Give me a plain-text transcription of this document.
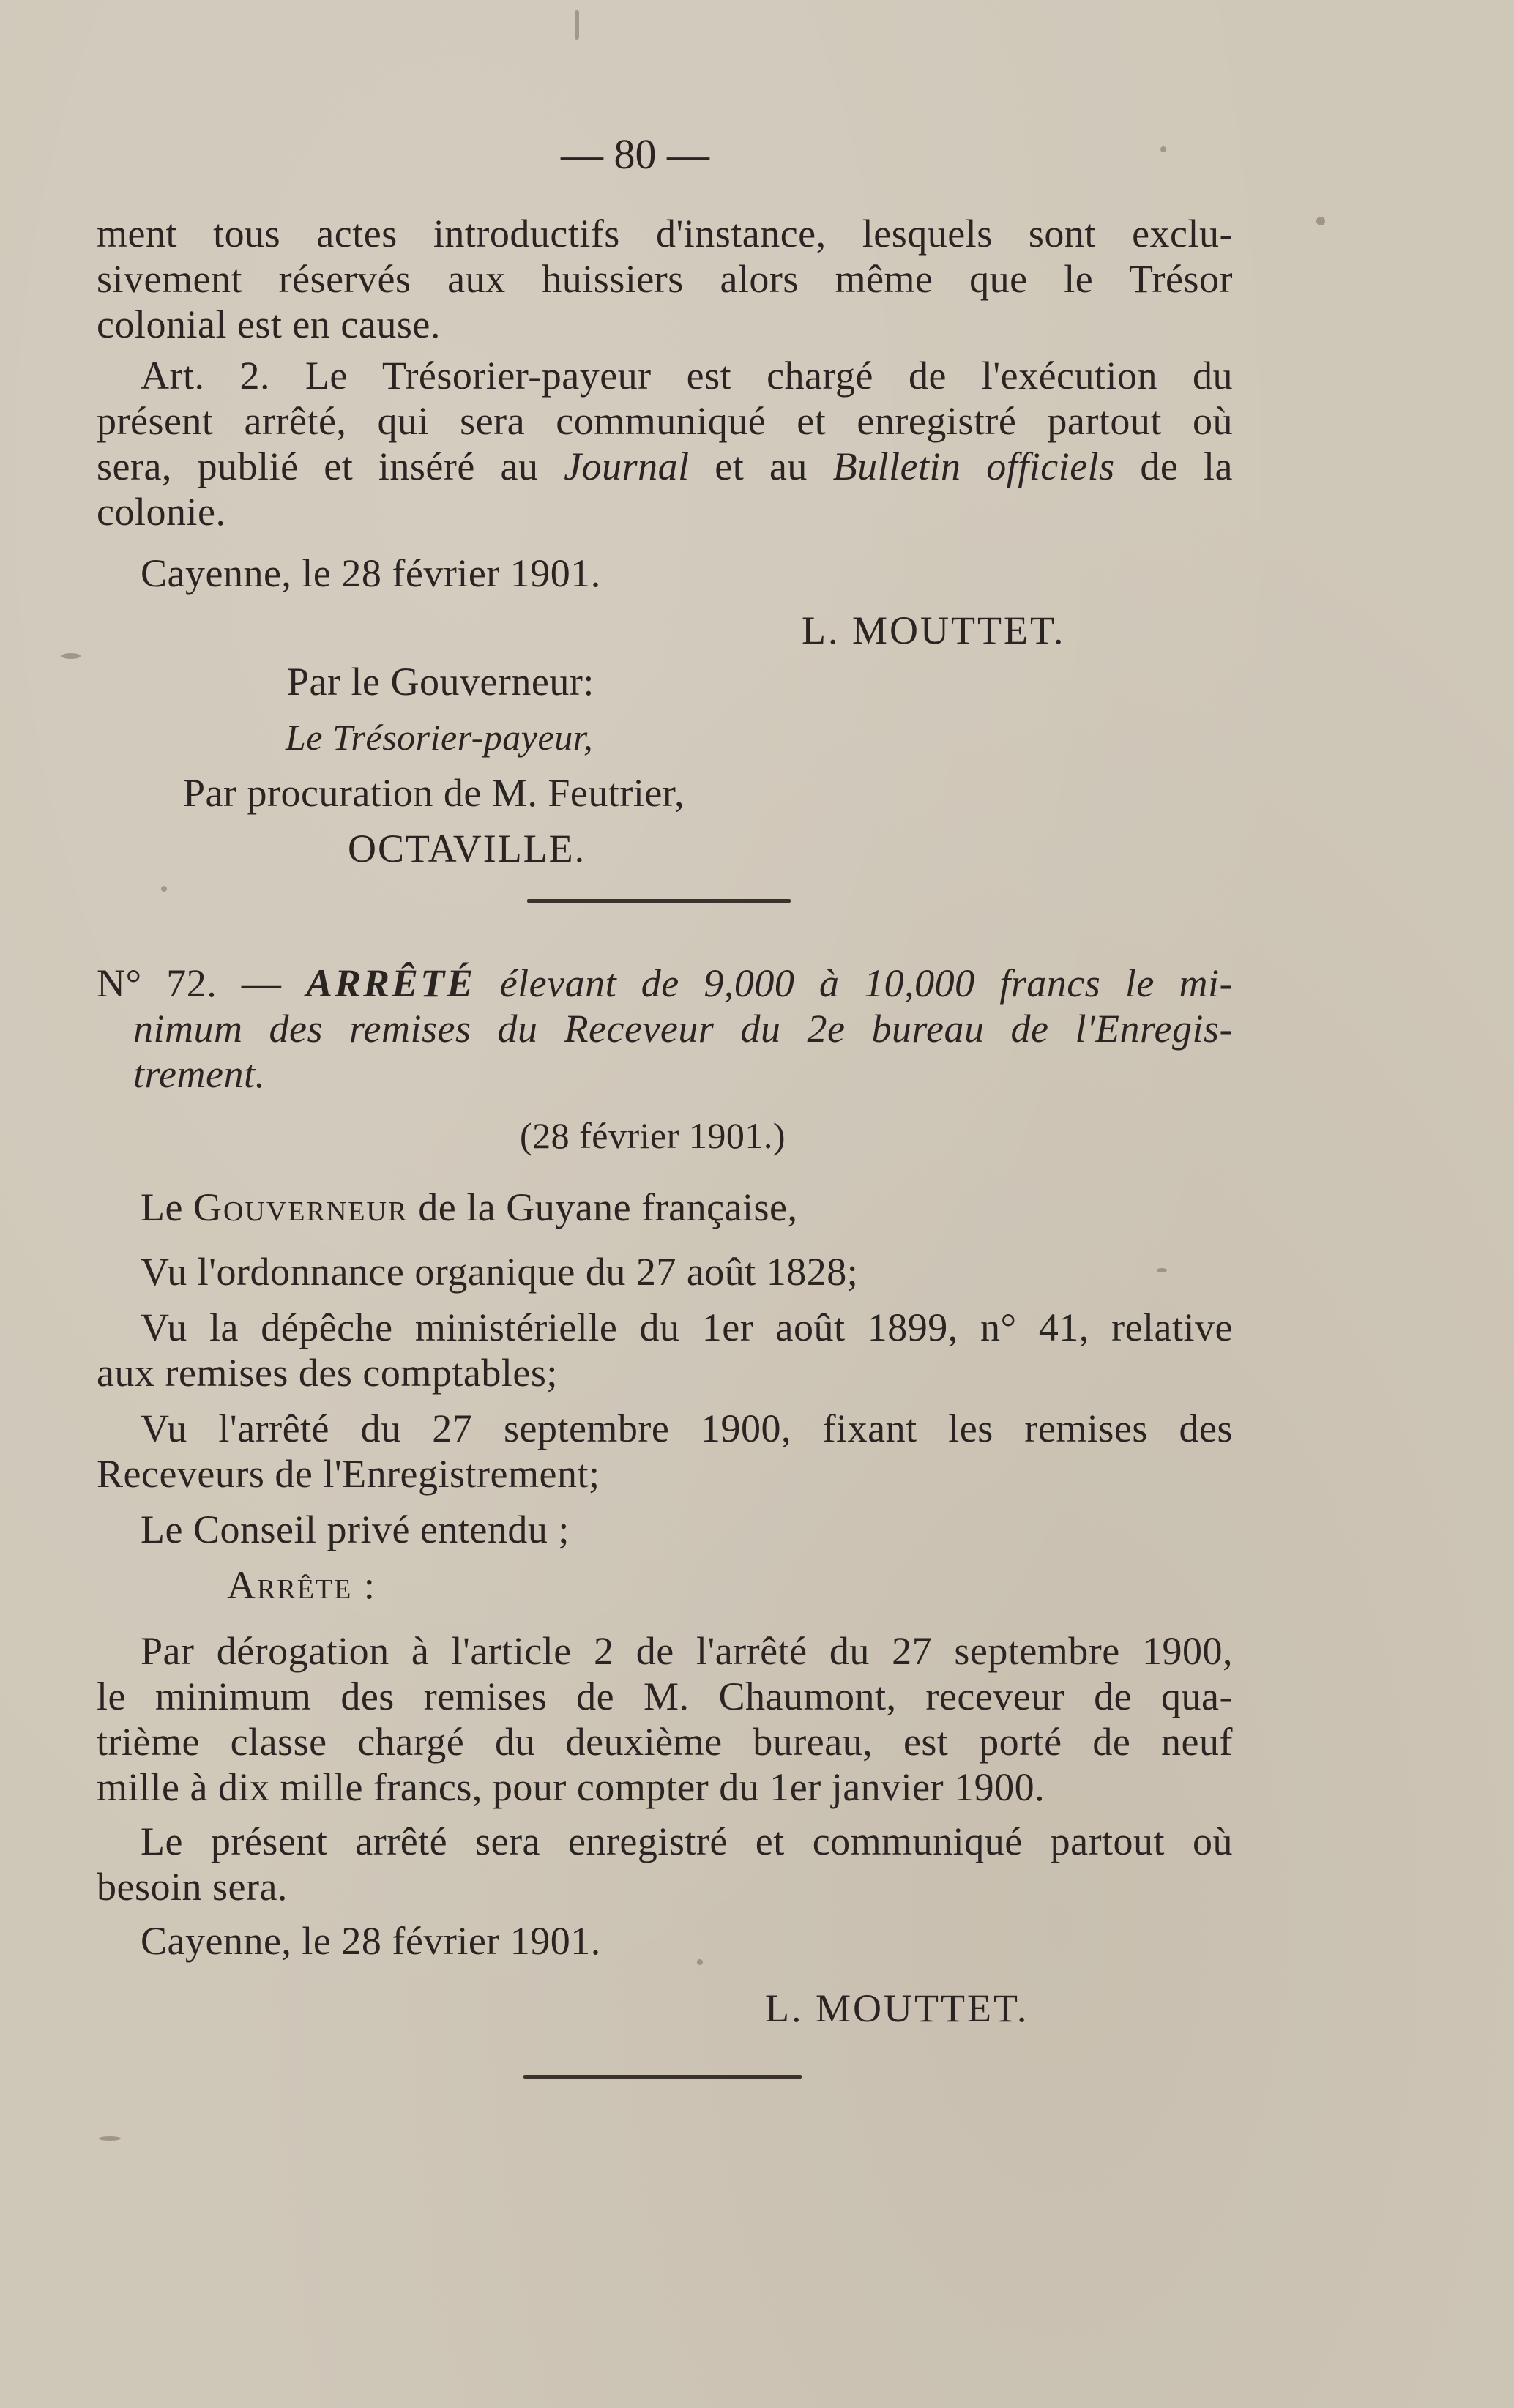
— 80 —
ment tous actes introductifs d'instance, lesquels sont exclu-
sivement réservés aux huissiers alors même que le Trésor
colonial est en cause.
Art. 2. Le Trésorier-payeur est chargé de l'exécution du
présent arrêté, qui sera communiqué et enregistré partout où
sera, publié et inséré au Journal et au Bulletin officiels de la
colonie.
Cayenne, le 28 février 1901.
L. MOUTTET.
Par le Gouverneur:
Le Trésorier-payeur,
Par procuration de M. Feutrier,
OCTAVILLE.
N° 72. — ARRÊTÉ élevant de 9,000 à 10,000 francs le mi-
nimum des remises du Receveur du 2e bureau de l'Enregis-
trement.
(28 février 1901.)
Le Gouverneur de la Guyane française,
Vu l'ordonnance organique du 27 août 1828;
Vu la dépêche ministérielle du 1er août 1899, n° 41, relative
aux remises des comptables;
Vu l'arrêté du 27 septembre 1900, fixant les remises des
Receveurs de l'Enregistrement;
Le Conseil privé entendu ;
Arrête :
Par dérogation à l'article 2 de l'arrêté du 27 septembre 1900,
le minimum des remises de M. Chaumont, receveur de qua-
trième classe chargé du deuxième bureau, est porté de neuf
mille à dix mille francs, pour compter du 1er janvier 1900.
Le présent arrêté sera enregistré et communiqué partout où
besoin sera.
Cayenne, le 28 février 1901.
L. MOUTTET.
